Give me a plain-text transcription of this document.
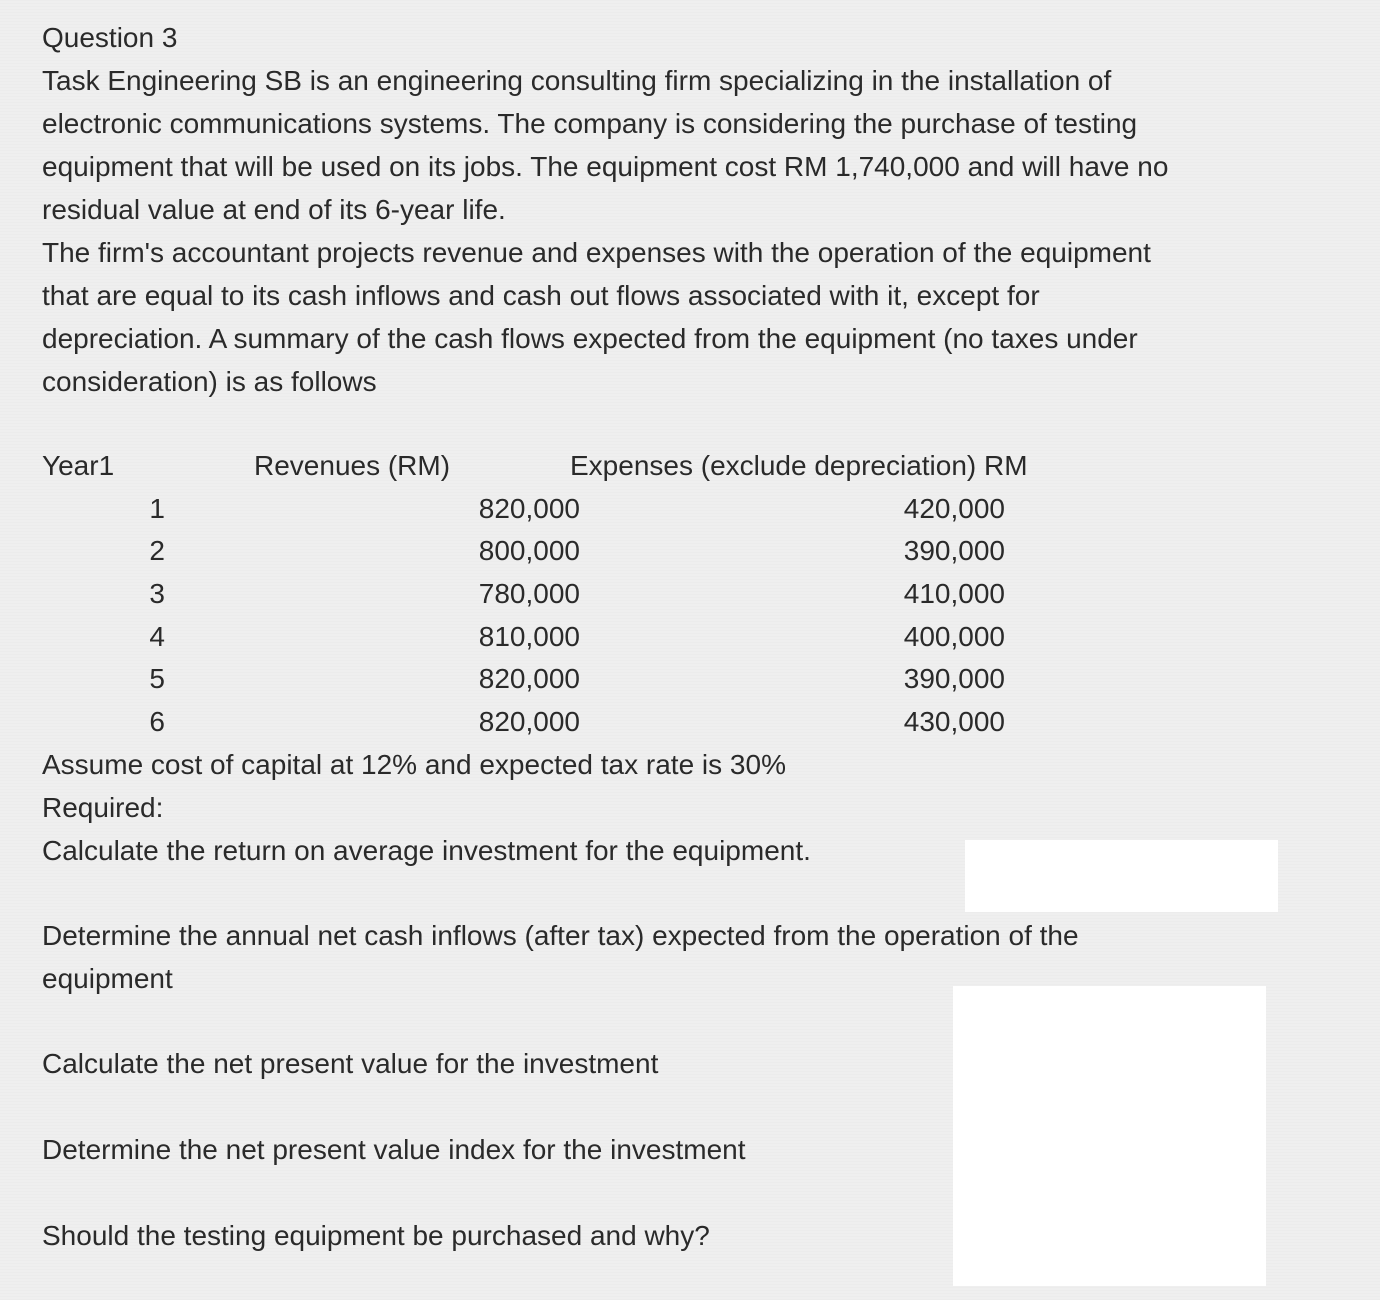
Question 3
Task Engineering SB is an engineering consulting firm specializing in the installation of
electronic communications systems. The company is considering the purchase of testing
equipment that will be used on its jobs. The equipment cost RM 1,740,000 and will have no
residual value at end of its 6-year life.
The firm's accountant projects revenue and expenses with the operation of the equipment
that are equal to its cash inflows and cash out flows associated with it, except for
depreciation. A summary of the cash flows expected from the equipment (no taxes under
consideration) is as follows
Year1	Revenues (RM)	Expenses (exclude depreciation) RM
1	820,000	420,000
2	800,000	390,000
3	780,000	410,000
4	810,000	400,000
5	820,000	390,000
6	820,000	430,000
Assume cost of capital at 12% and expected tax rate is 30%
Required:
Calculate the return on average investment for the equipment.
Determine the annual net cash inflows (after tax) expected from the operation of the
equipment
Calculate the net present value for the investment
Determine the net present value index for the investment
Should the testing equipment be purchased and why?
